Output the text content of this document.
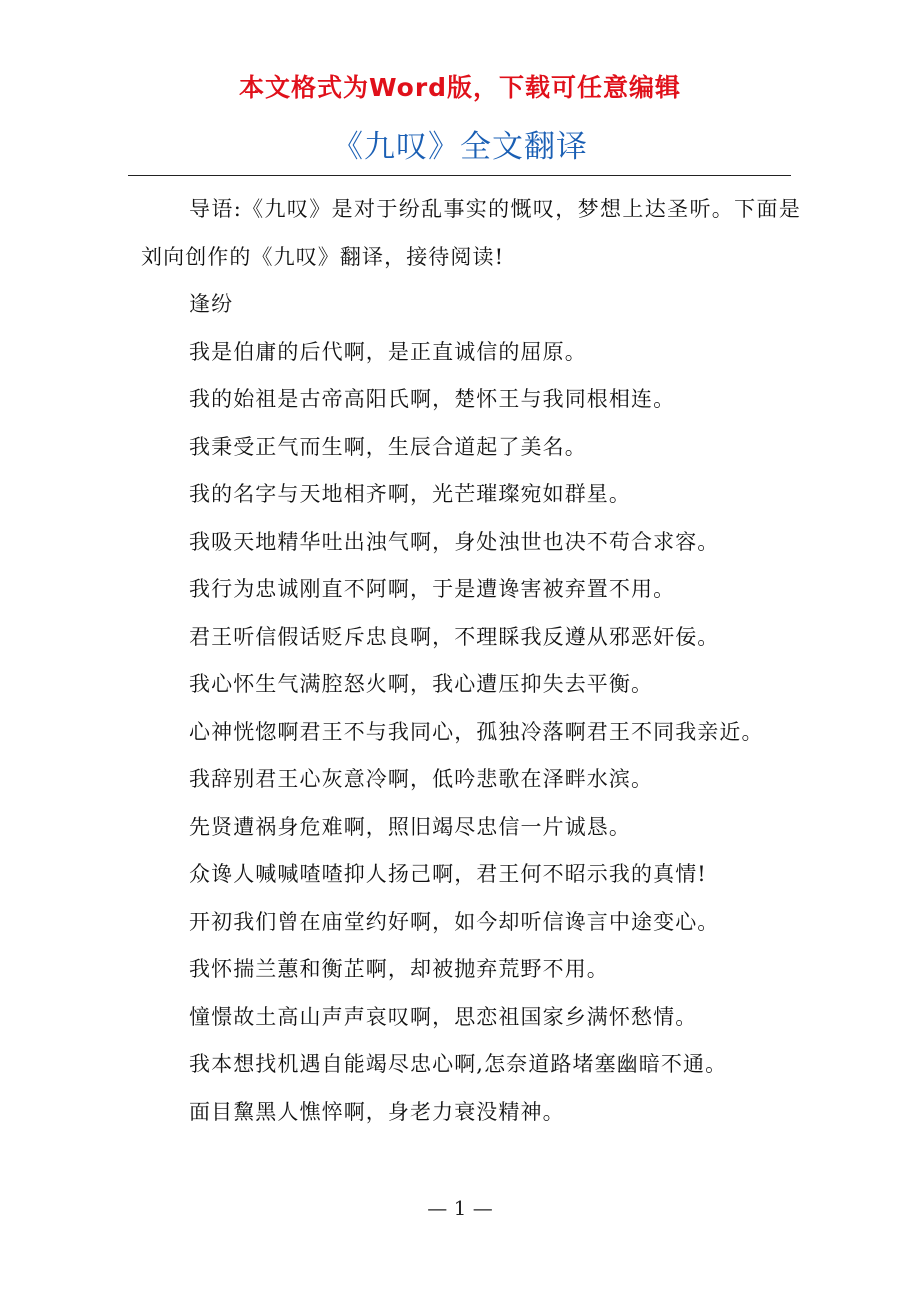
本文格式为Word版，下载可任意编辑
《九叹》全文翻译

导语:《九叹》是对于纷乱事实的慨叹，梦想上达圣听。下面是刘向创作的《九叹》翻译，接待阅读!

逢纷

我是伯庸的后代啊，是正直诚信的屈原。

我的始祖是古帝高阳氏啊，楚怀王与我同根相连。

我秉受正气而生啊，生辰合道起了美名。

我的名字与天地相齐啊，光芒璀璨宛如群星。

我吸天地精华吐出浊气啊，身处浊世也决不苟合求容。

我行为忠诚刚直不阿啊，于是遭谗害被弃置不用。

君王听信假话贬斥忠良啊，不理睬我反遵从邪恶奸佞。

我心怀生气满腔怒火啊，我心遭压抑失去平衡。

心神恍惚啊君王不与我同心，孤独冷落啊君王不同我亲近。

我辞别君王心灰意冷啊，低吟悲歌在泽畔水滨。

先贤遭祸身危难啊，照旧竭尽忠信一片诚恳。

众谗人喊喊喳喳抑人扬己啊，君王何不昭示我的真情!

开初我们曾在庙堂约好啊，如今却听信谗言中途变心。

我怀揣兰蕙和衡芷啊，却被抛弃荒野不用。

憧憬故土高山声声哀叹啊，思恋祖国家乡满怀愁情。

我本想找机遇自能竭尽忠心啊,怎奈道路堵塞幽暗不通。

面目黧黑人憔悴啊，身老力衰没精神。

— 1 —
